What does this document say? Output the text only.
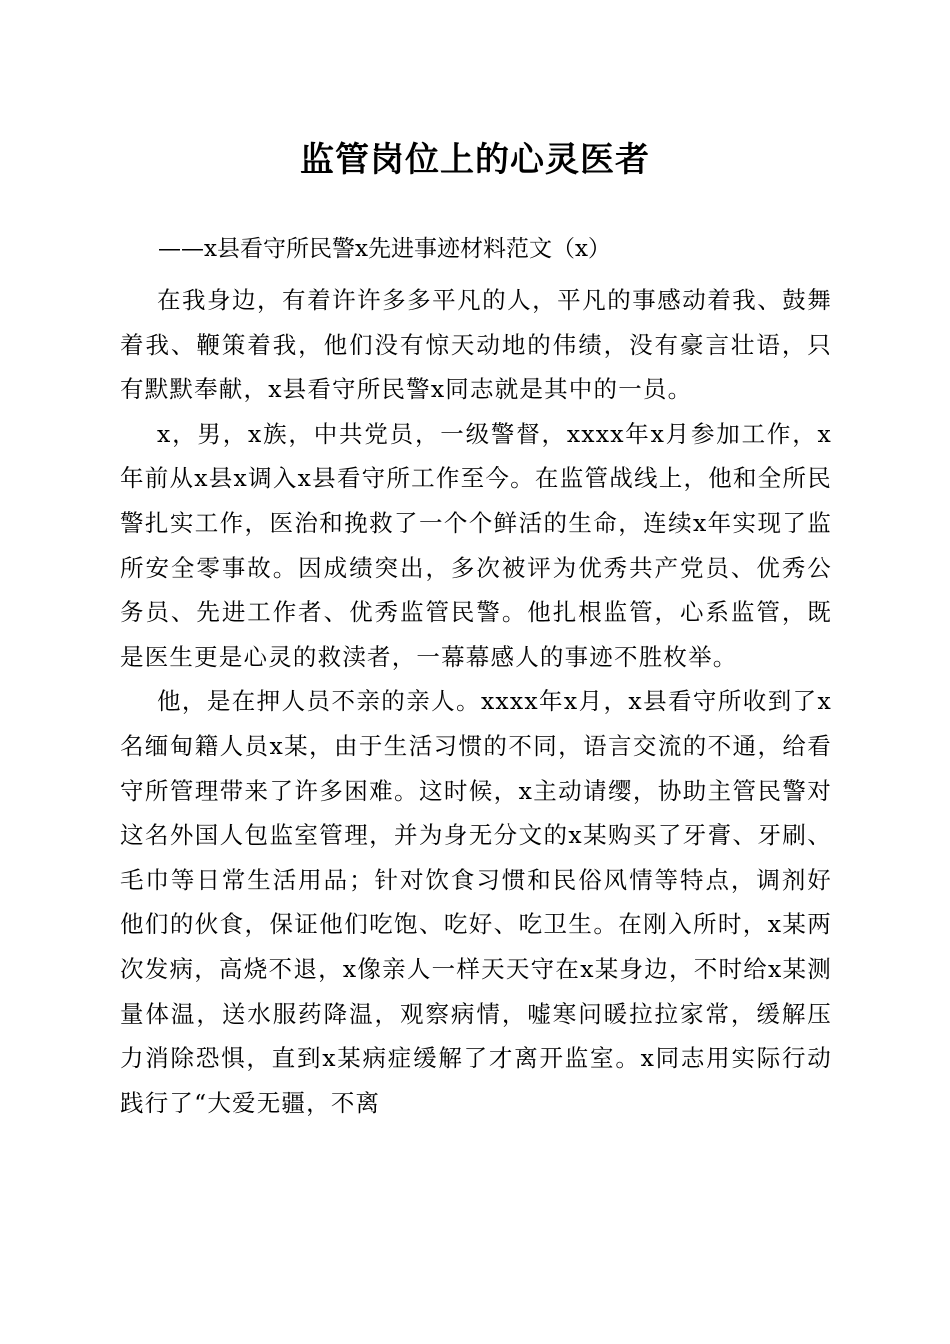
监管岗位上的心灵医者
——x县看守所民警x先进事迹材料范文（x）

在我身边，有着许许多多平凡的人，平凡的事感动着我、鼓舞着我、鞭策着我，他们没有惊天动地的伟绩，没有豪言壮语，只有默默奉献，x县看守所民警x同志就是其中的一员。

x，男，x族，中共党员，一级警督，xxxx年x月参加工作，x年前从x县x调入x县看守所工作至今。在监管战线上，他和全所民警扎实工作，医治和挽救了一个个鲜活的生命，连续x年实现了监所安全零事故。因成绩突出，多次被评为优秀共产党员、优秀公务员、先进工作者、优秀监管民警。他扎根监管，心系监管，既是医生更是心灵的救渎者，一幕幕感人的事迹不胜枚举。

他，是在押人员不亲的亲人。xxxx年x月，x县看守所收到了x名缅甸籍人员x某，由于生活习惯的不同，语言交流的不通，给看守所管理带来了许多困难。这时候，x主动请缨，协助主管民警对这名外国人包监室管理，并为身无分文的x某购买了牙膏、牙刷、毛巾等日常生活用品；针对饮食习惯和民俗风情等特点，调剂好他们的伙食，保证他们吃饱、吃好、吃卫生。在刚入所时，x某两次发病，高烧不退，x像亲人一样天天守在x某身边，不时给x某测量体温，送水服药降温，观察病情，嘘寒问暖拉拉家常，缓解压力消除恐惧，直到x某病症缓解了才离开监室。x同志用实际行动践行了“大爱无疆，不离
